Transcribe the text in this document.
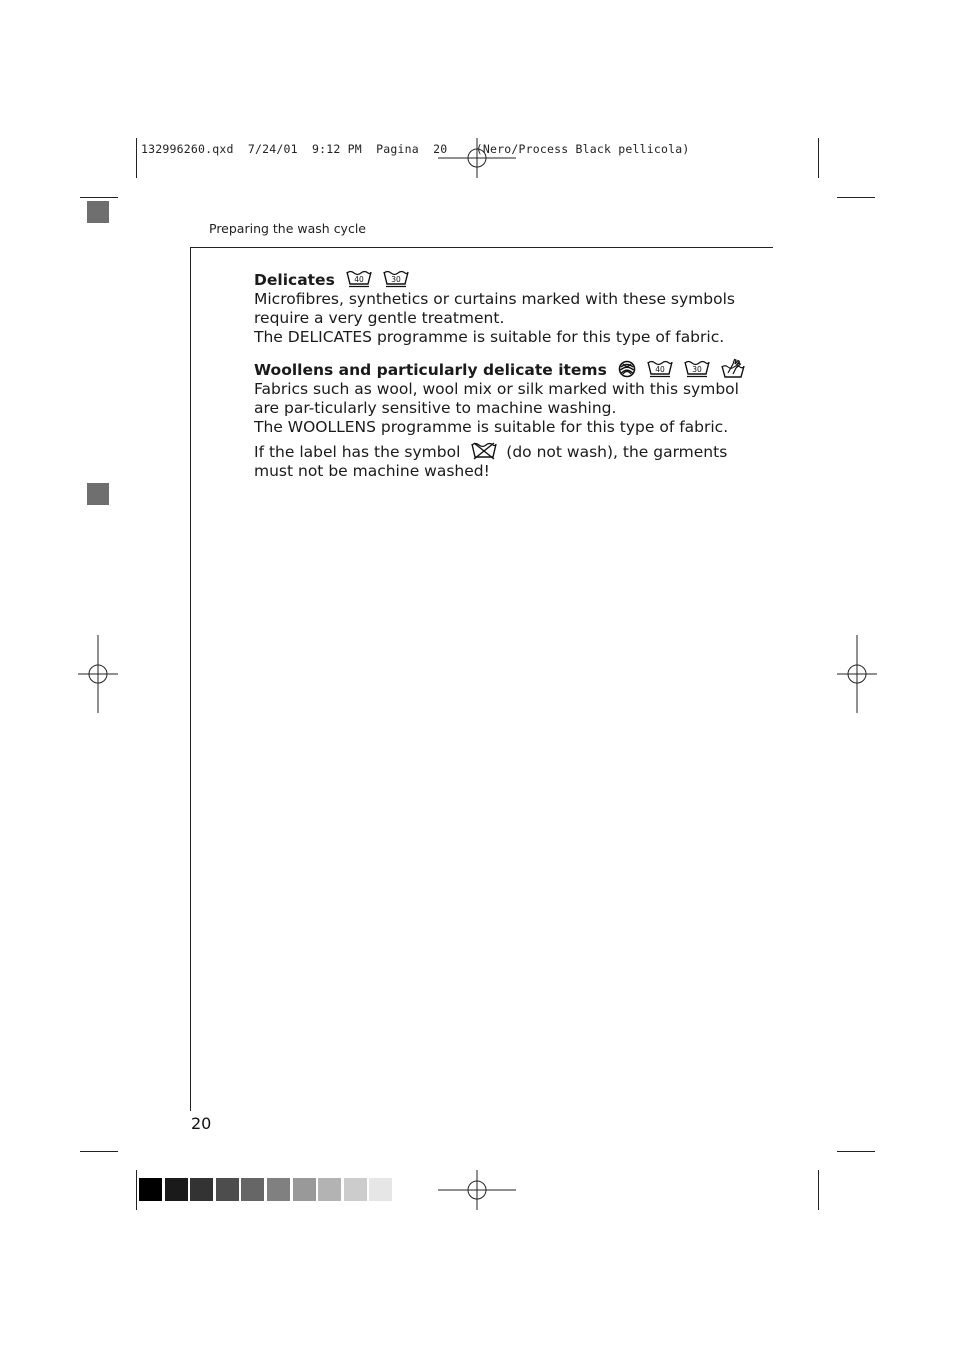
132996260.qxd  7/24/01  9:12 PM  Pagina  20    (Nero/Process Black pellicola)
Preparing the wash cycle

Delicates	40
	30

Microfibres, synthetics or curtains marked with these symbols require a very gentle treatment.

The DELICATES programme is suitable for this type of fabric.

Woollens and particularly delicate items	40
	30

Fabrics such as wool, wool mix or silk marked with this symbol are par-ticularly sensitive to machine washing.

The WOOLLENS programme is suitable for this type of fabric.

If the label has the symbol	(do not wash), the garments must not be machine washed!

20
